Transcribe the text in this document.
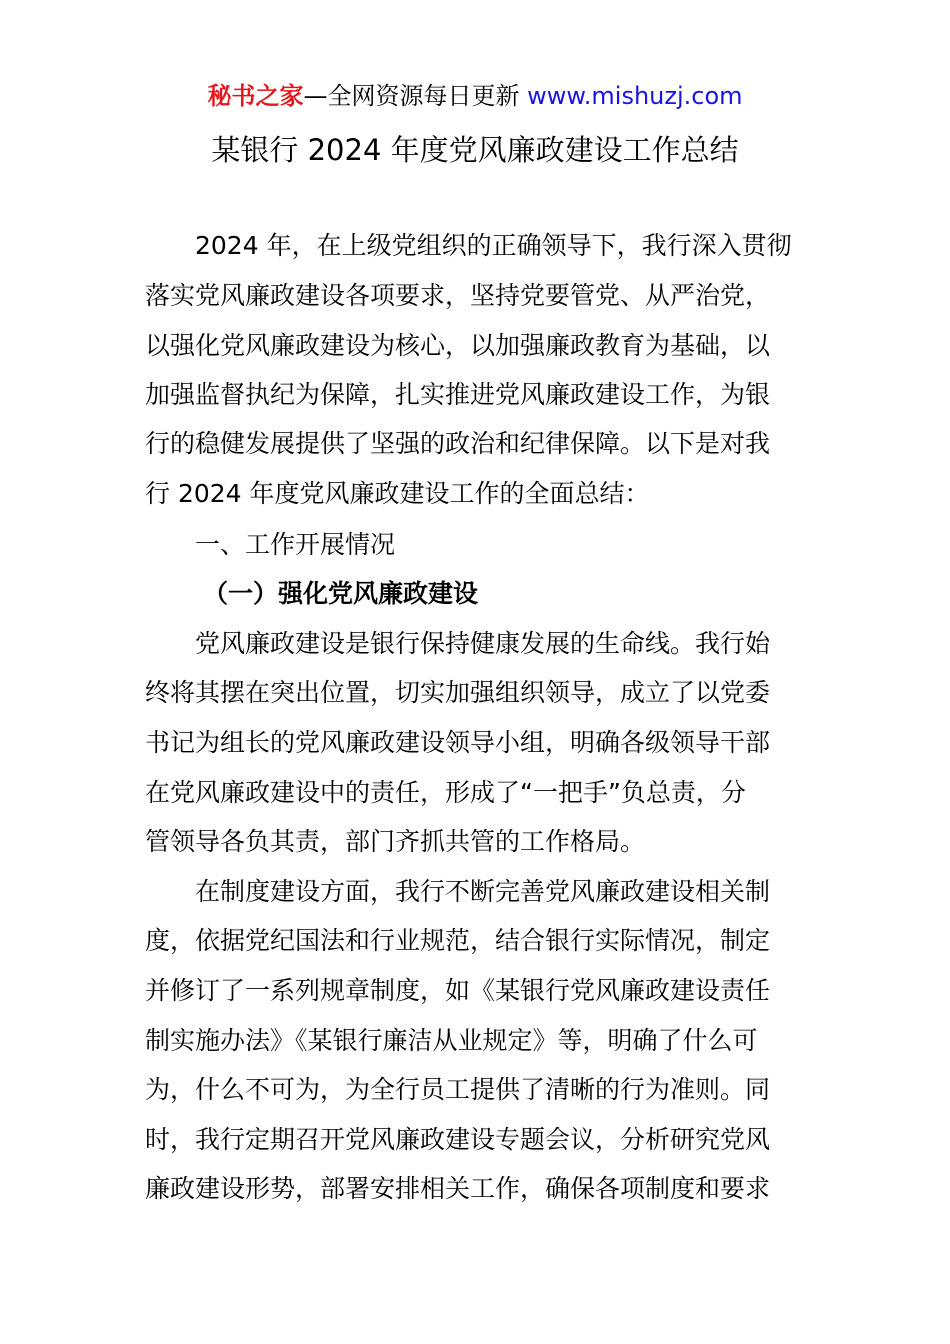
秘书之家—全网资源每日更新 www.mishuzj.com
某银行 2024 年度党风廉政建设工作总结
2024 年，在上级党组织的正确领导下，我行深入贯彻
落实党风廉政建设各项要求，坚持党要管党、从严治党，
以强化党风廉政建设为核心，以加强廉政教育为基础，以
加强监督执纪为保障，扎实推进党风廉政建设工作，为银
行的稳健发展提供了坚强的政治和纪律保障。以下是对我
行 2024 年度党风廉政建设工作的全面总结：
一、工作开展情况
（一）强化党风廉政建设
党风廉政建设是银行保持健康发展的生命线。我行始
终将其摆在突出位置，切实加强组织领导，成立了以党委
书记为组长的党风廉政建设领导小组，明确各级领导干部
在党风廉政建设中的责任，形成了“一把手”负总责，分
管领导各负其责，部门齐抓共管的工作格局。
在制度建设方面，我行不断完善党风廉政建设相关制
度，依据党纪国法和行业规范，结合银行实际情况，制定
并修订了一系列规章制度，如《某银行党风廉政建设责任
制实施办法》《某银行廉洁从业规定》等，明确了什么可
为，什么不可为，为全行员工提供了清晰的行为准则。同
时，我行定期召开党风廉政建设专题会议，分析研究党风
廉政建设形势，部署安排相关工作，确保各项制度和要求
